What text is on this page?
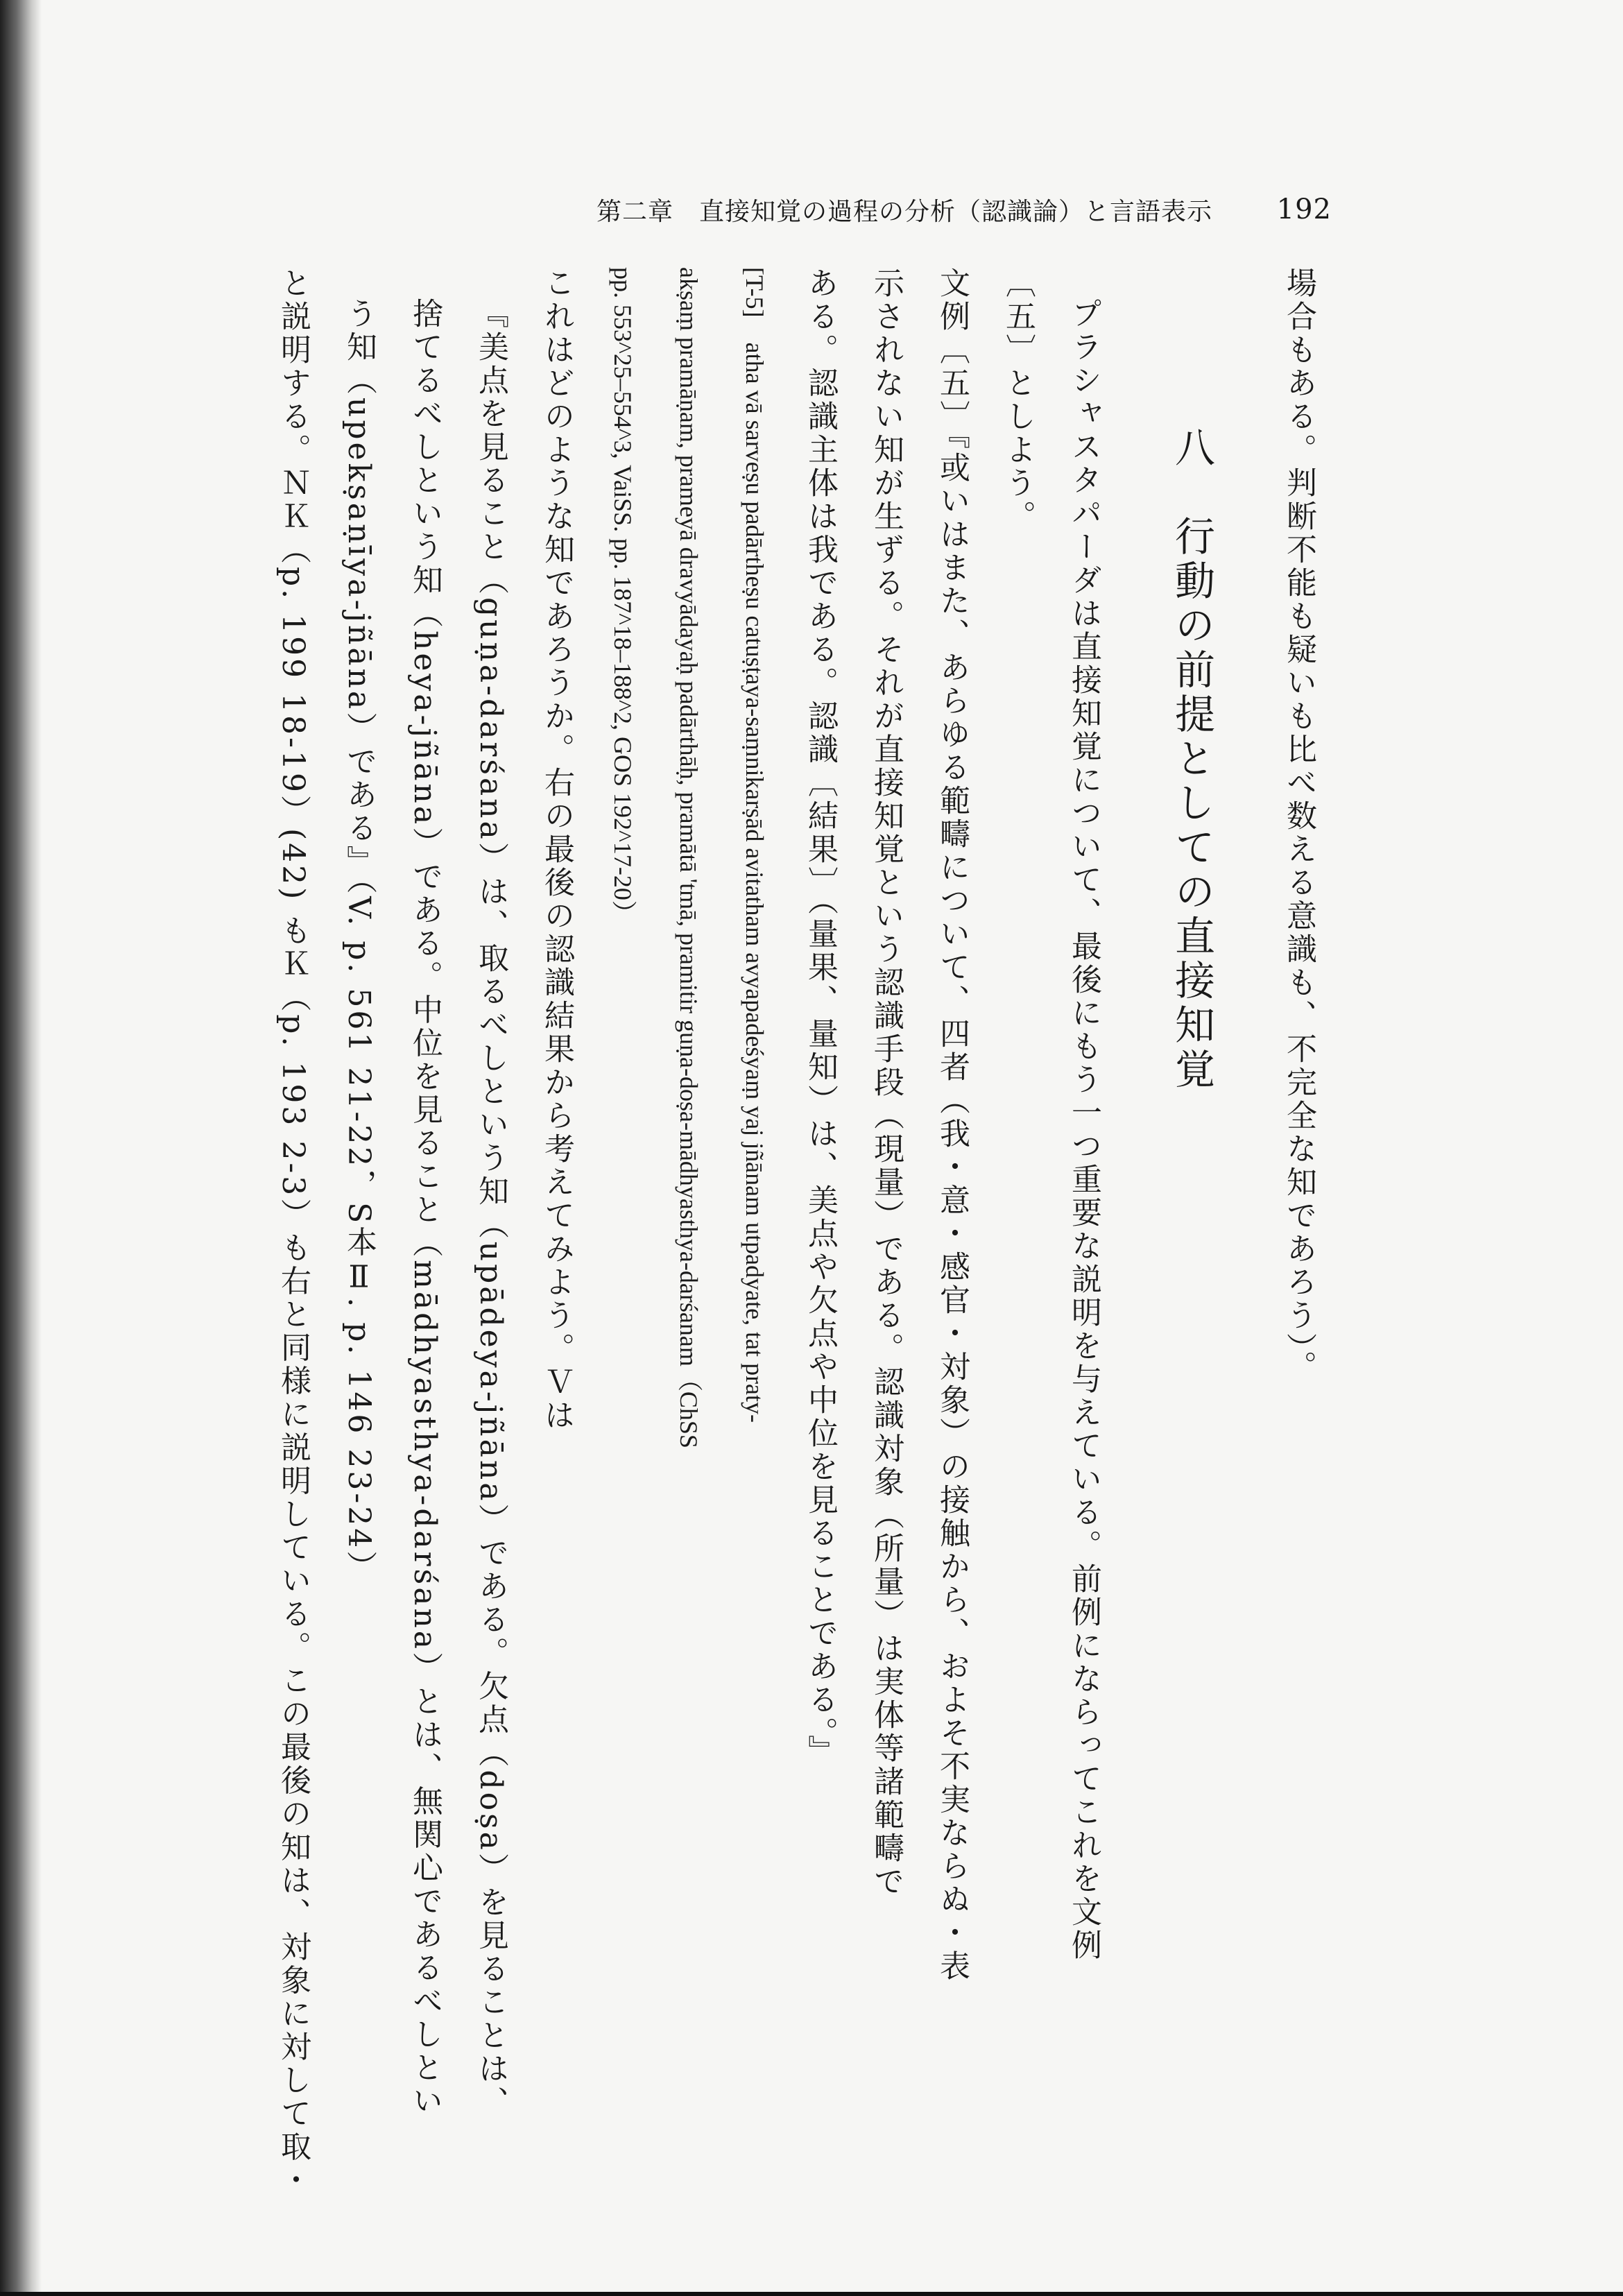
第二章　直接知覚の過程の分析（認識論）と言語表示 192
場合もある。判断不能も疑いも比べ数える意識も、不完全な知であろう）。
八　行動の前提としての直接知覚
プラシャスタパーダは直接知覚について、最後にもう一つ重要な説明を与えている。前例にならってこれを文例
〔五〕としよう。
文例〔五〕『或いはまた、あらゆる範疇について、四者（我・意・感官・対象）の接触から、およそ不実ならぬ・表
示されない知が生ずる。それが直接知覚という認識手段（現量）である。認識対象（所量）は実体等諸範疇で
ある。認識主体は我である。認識〔結果〕（量果、量知）は、美点や欠点や中位を見ることである。』
[T-5]　atha vā sarveṣu padārtheṣu catuṣṭaya-saṃnikarṣād avitatham avyapadeśyaṃ yaj jñānam utpadyate, tat praty-
akṣaṃ pramāṇam, prameyā dravyādayaḥ padārthāḥ, pramātā 'tmā, pramitir guṇa-doṣa-mādhyasthya-darśanam（ChSS
pp. 553^25–554^3, VaiSS. pp. 187^18–188^2, GOS 192^17-20）
これはどのような知であろうか。右の最後の認識結果から考えてみよう。Ｖは
『美点を見ること（guṇa-darśana）は、取るべしという知（upādeya-jñāna）である。欠点（doṣa）を見ることは、
捨てるべしという知（heya-jñāna）である。中位を見ること（mādhyasthya-darśana）とは、無関心であるべしとい
う知（upekṣaṇīya-jñāna）である』（V. p. 561 21-22，S本Ⅱ. p. 146 23-24）
と説明する。ＮＫ（p. 199 18-19）(42) もＫ（p. 193 2-3）も右と同様に説明している。この最後の知は、対象に対して取・
